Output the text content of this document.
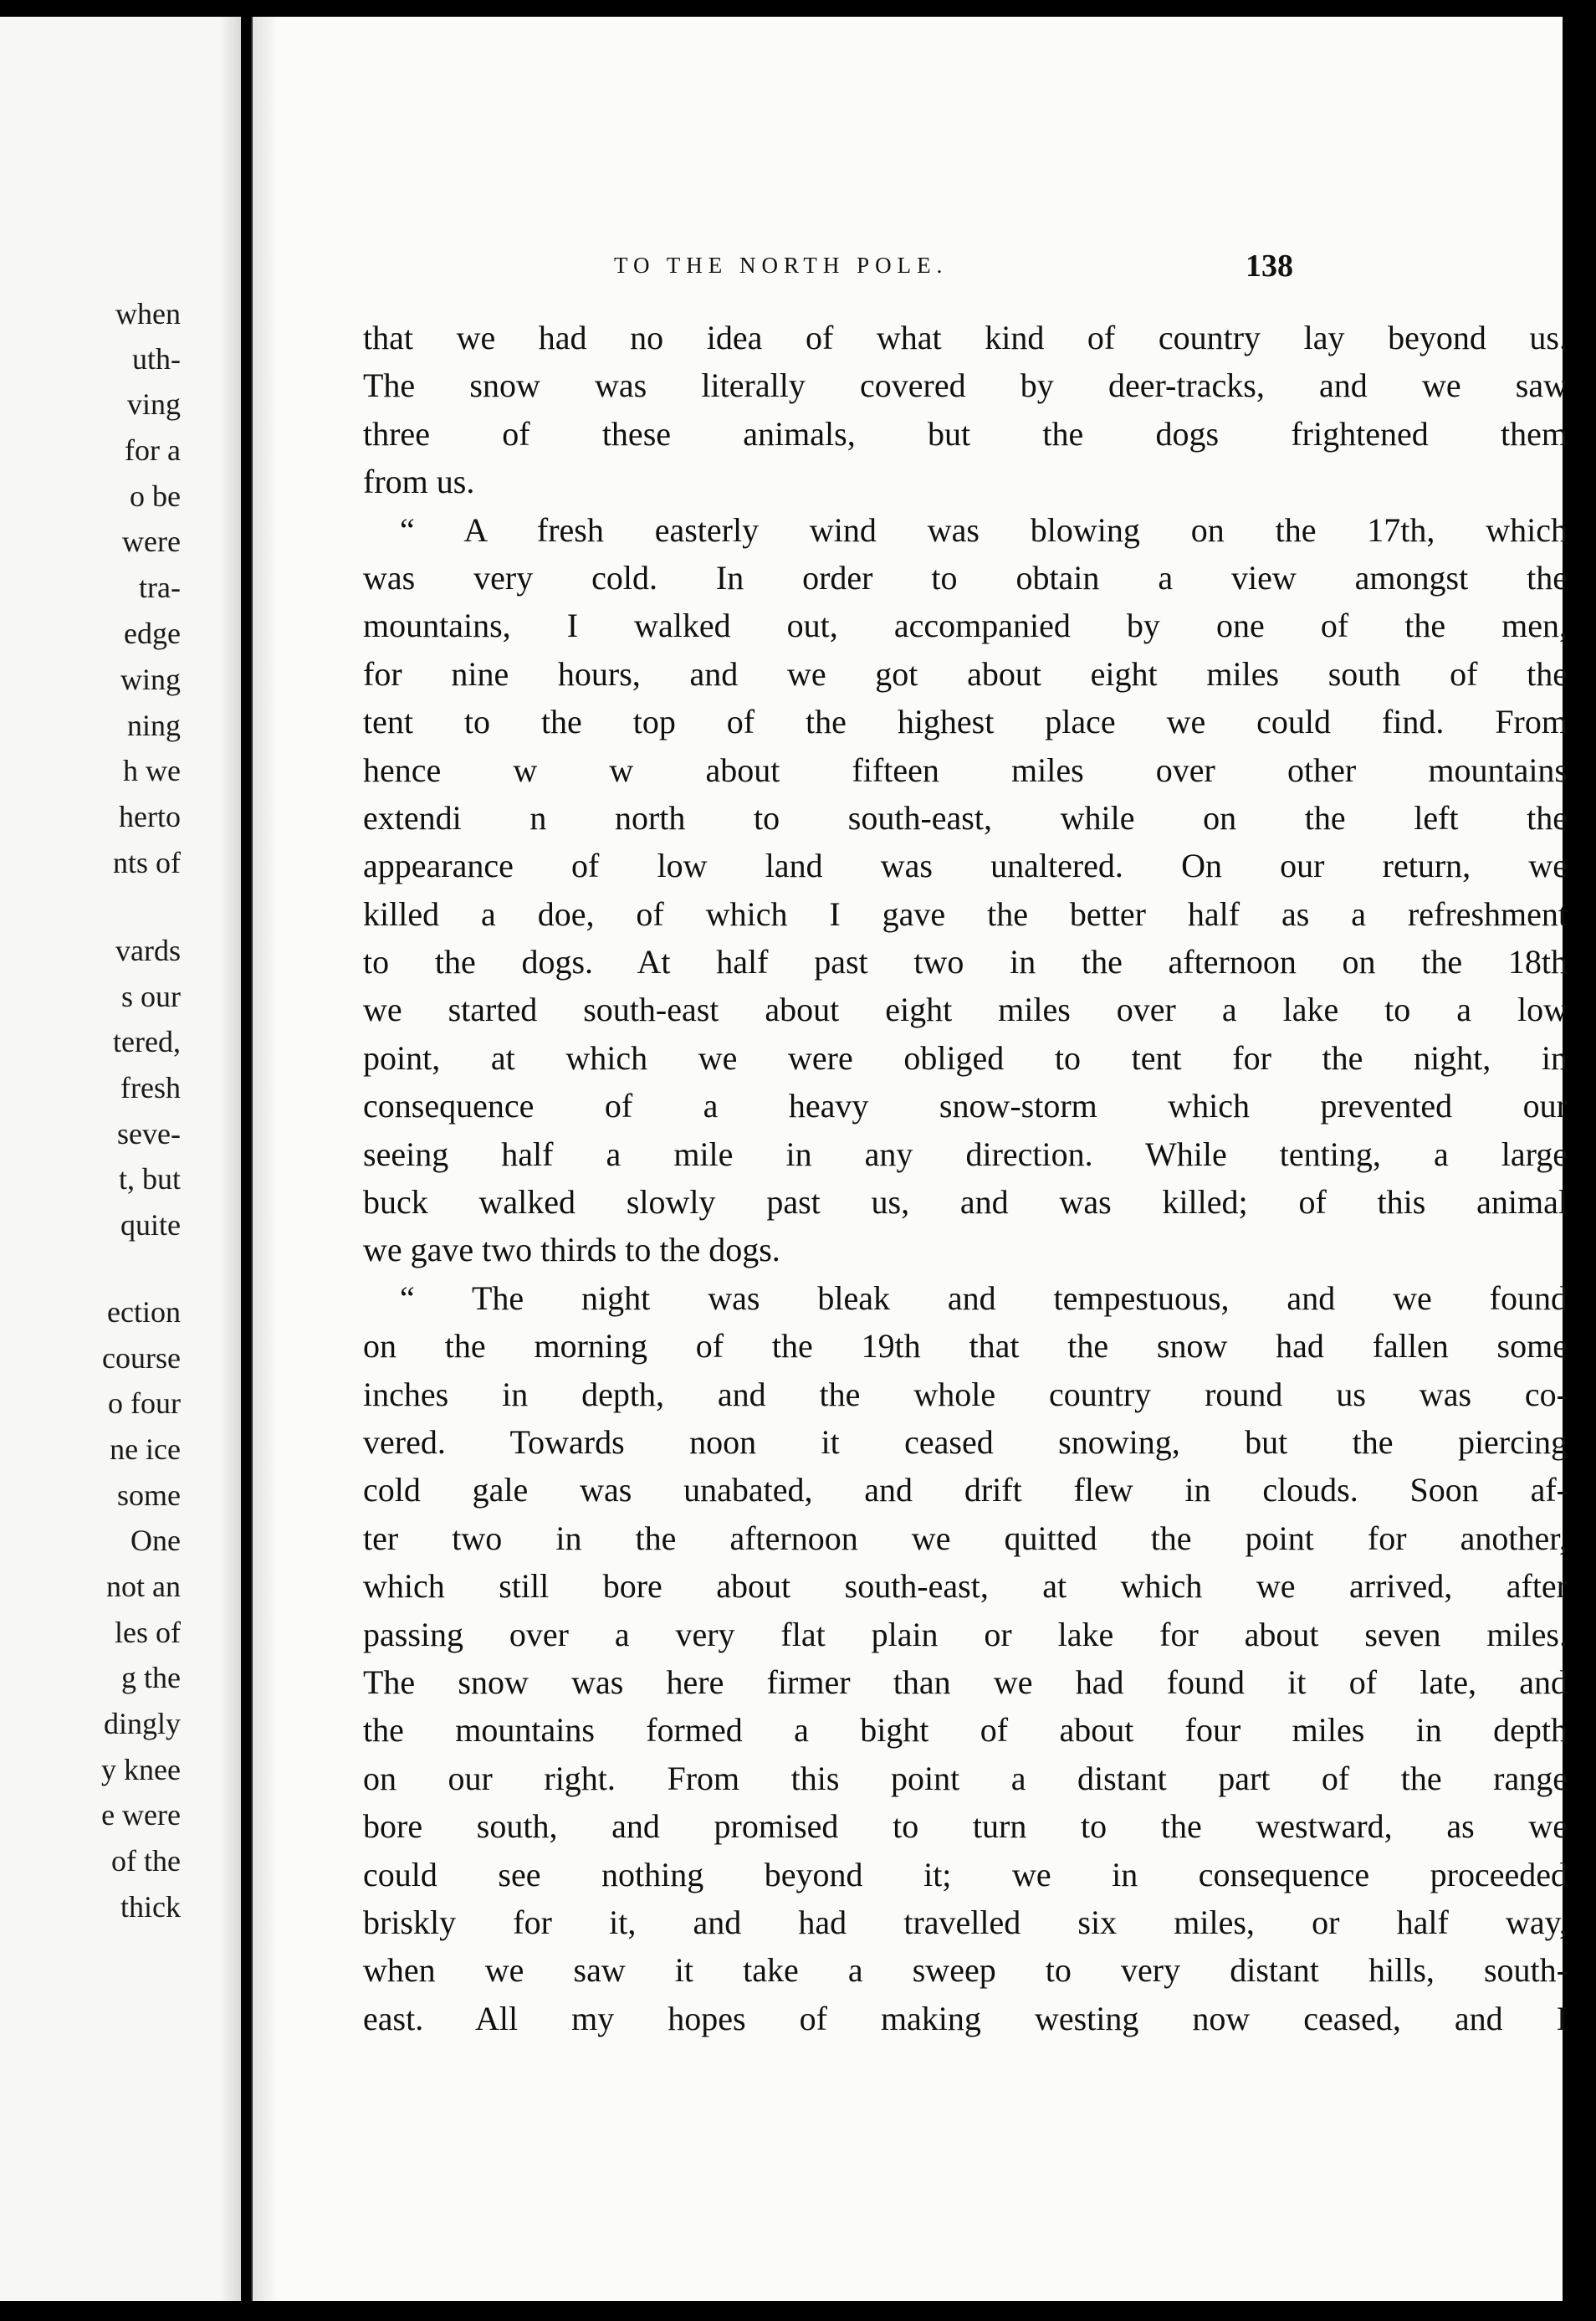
when
uth-
ving
for a
o be
were
tra-
edge
wing
ning
h we
herto
nts of
vards
s our
tered,
fresh
seve-
t, but
quite
ection
course
o four
ne ice
some
One
not an
les of
g the
dingly
y knee
e were
of the
thick
TO THE NORTH POLE.	138
that we had no idea of what kind of country lay beyond us.
The snow was literally covered by deer-tracks, and we saw
three of these animals, but the dogs frightened them
from us.
“ A fresh easterly wind was blowing on the 17th, which
was very cold. In order to obtain a view amongst the
mountains, I walked out, accompanied by one of the men,
for nine hours, and we got about eight miles south of the
tent to the top of the highest place we could find. From
hence w w about fifteen miles over other mountains
extendi n north to south-east, while on the left the
appearance of low land was unaltered. On our return, we
killed a doe, of which I gave the better half as a refreshment
to the dogs. At half past two in the afternoon on the 18th
we started south-east about eight miles over a lake to a low
point, at which we were obliged to tent for the night, in
consequence of a heavy snow-storm which prevented our
seeing half a mile in any direction. While tenting, a large
buck walked slowly past us, and was killed; of this animal
we gave two thirds to the dogs.
“ The night was bleak and tempestuous, and we found
on the morning of the 19th that the snow had fallen some
inches in depth, and the whole country round us was co-
vered. Towards noon it ceased snowing, but the piercing
cold gale was unabated, and drift flew in clouds. Soon af-
ter two in the afternoon we quitted the point for another,
which still bore about south-east, at which we arrived, after
passing over a very flat plain or lake for about seven miles.
The snow was here firmer than we had found it of late, and
the mountains formed a bight of about four miles in depth
on our right. From this point a distant part of the range
bore south, and promised to turn to the westward, as we
could see nothing beyond it; we in consequence proceeded
briskly for it, and had travelled six miles, or half way,
when we saw it take a sweep to very distant hills, south-
east. All my hopes of making westing now ceased, and I
